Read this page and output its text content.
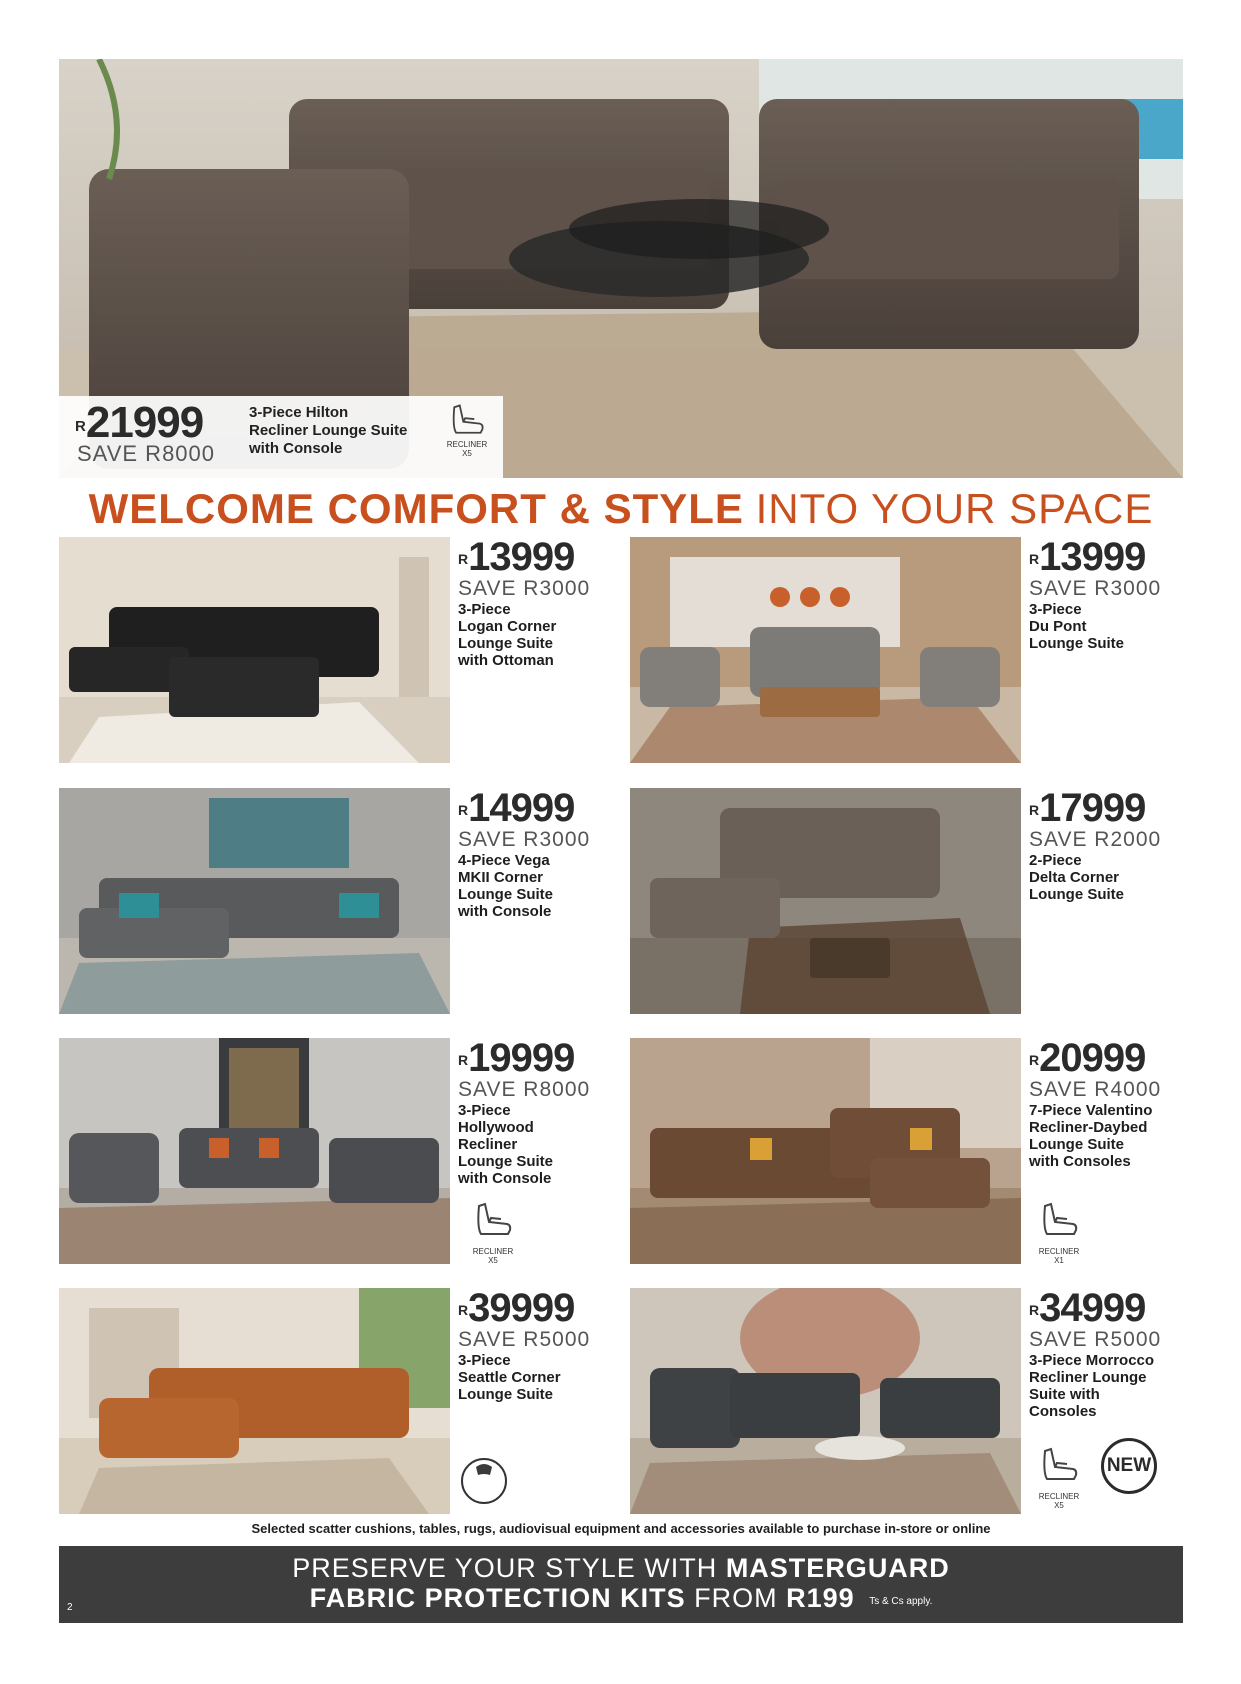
$^R$21999
SAVE R8000
3-Piece Hilton
Recliner Lounge Suite
with Console	RECLINER
X5
WELCOME COMFORT & STYLE INTO YOUR SPACE
$^R$13999
SAVE R3000
3-Piece
Logan Corner
Lounge Suite
with Ottoman
$^R$13999
SAVE R3000
3-Piece
Du Pont
Lounge Suite
$^R$14999
SAVE R3000
4-Piece Vega
MKII Corner
Lounge Suite
with Console
$^R$17999
SAVE R2000
2-Piece
Delta Corner
Lounge Suite
$^R$19999
SAVE R8000
3-Piece
Hollywood
Recliner
Lounge Suite
with Console
RECLINER
X5
$^R$20999
SAVE R4000
7-Piece Valentino
Recliner-Daybed
Lounge Suite
with Consoles
RECLINER
X1
$^R$39999
SAVE R5000
3-Piece
Seattle Corner
Lounge Suite
$^R$34999
SAVE R5000
3-Piece Morrocco
Recliner Lounge
Suite with
Consoles
RECLINER
X5
NEW
Selected scatter cushions, tables, rugs, audiovisual equipment and accessories available to purchase in-store or online
PRESERVE YOUR STYLE WITH MASTERGUARD
FABRIC PROTECTION KITS FROM R199 $^{Ts \& Cs apply.}$
2
